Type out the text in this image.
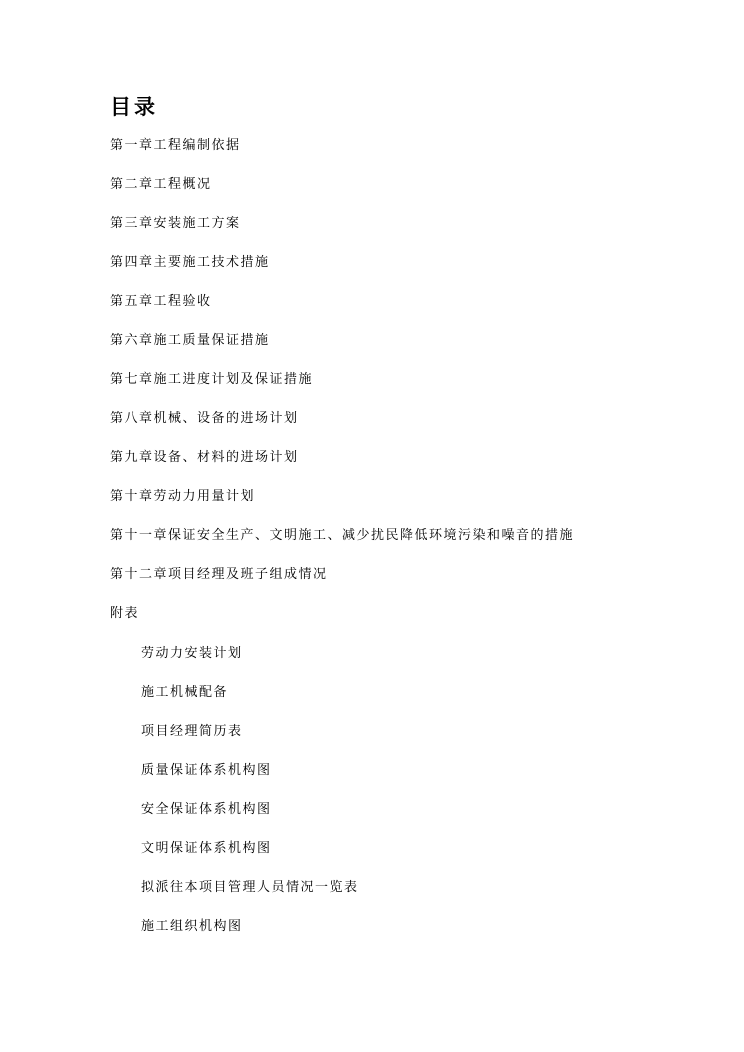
目录
第一章工程编制依据
第二章工程概况
第三章安装施工方案
第四章主要施工技术措施
第五章工程验收
第六章施工质量保证措施
第七章施工进度计划及保证措施
第八章机械、设备的进场计划
第九章设备、材料的进场计划
第十章劳动力用量计划
第十一章保证安全生产、文明施工、减少扰民降低环境污染和噪音的措施
第十二章项目经理及班子组成情况
附表
劳动力安装计划
施工机械配备
项目经理简历表
质量保证体系机构图
安全保证体系机构图
文明保证体系机构图
拟派往本项目管理人员情况一览表
施工组织机构图
